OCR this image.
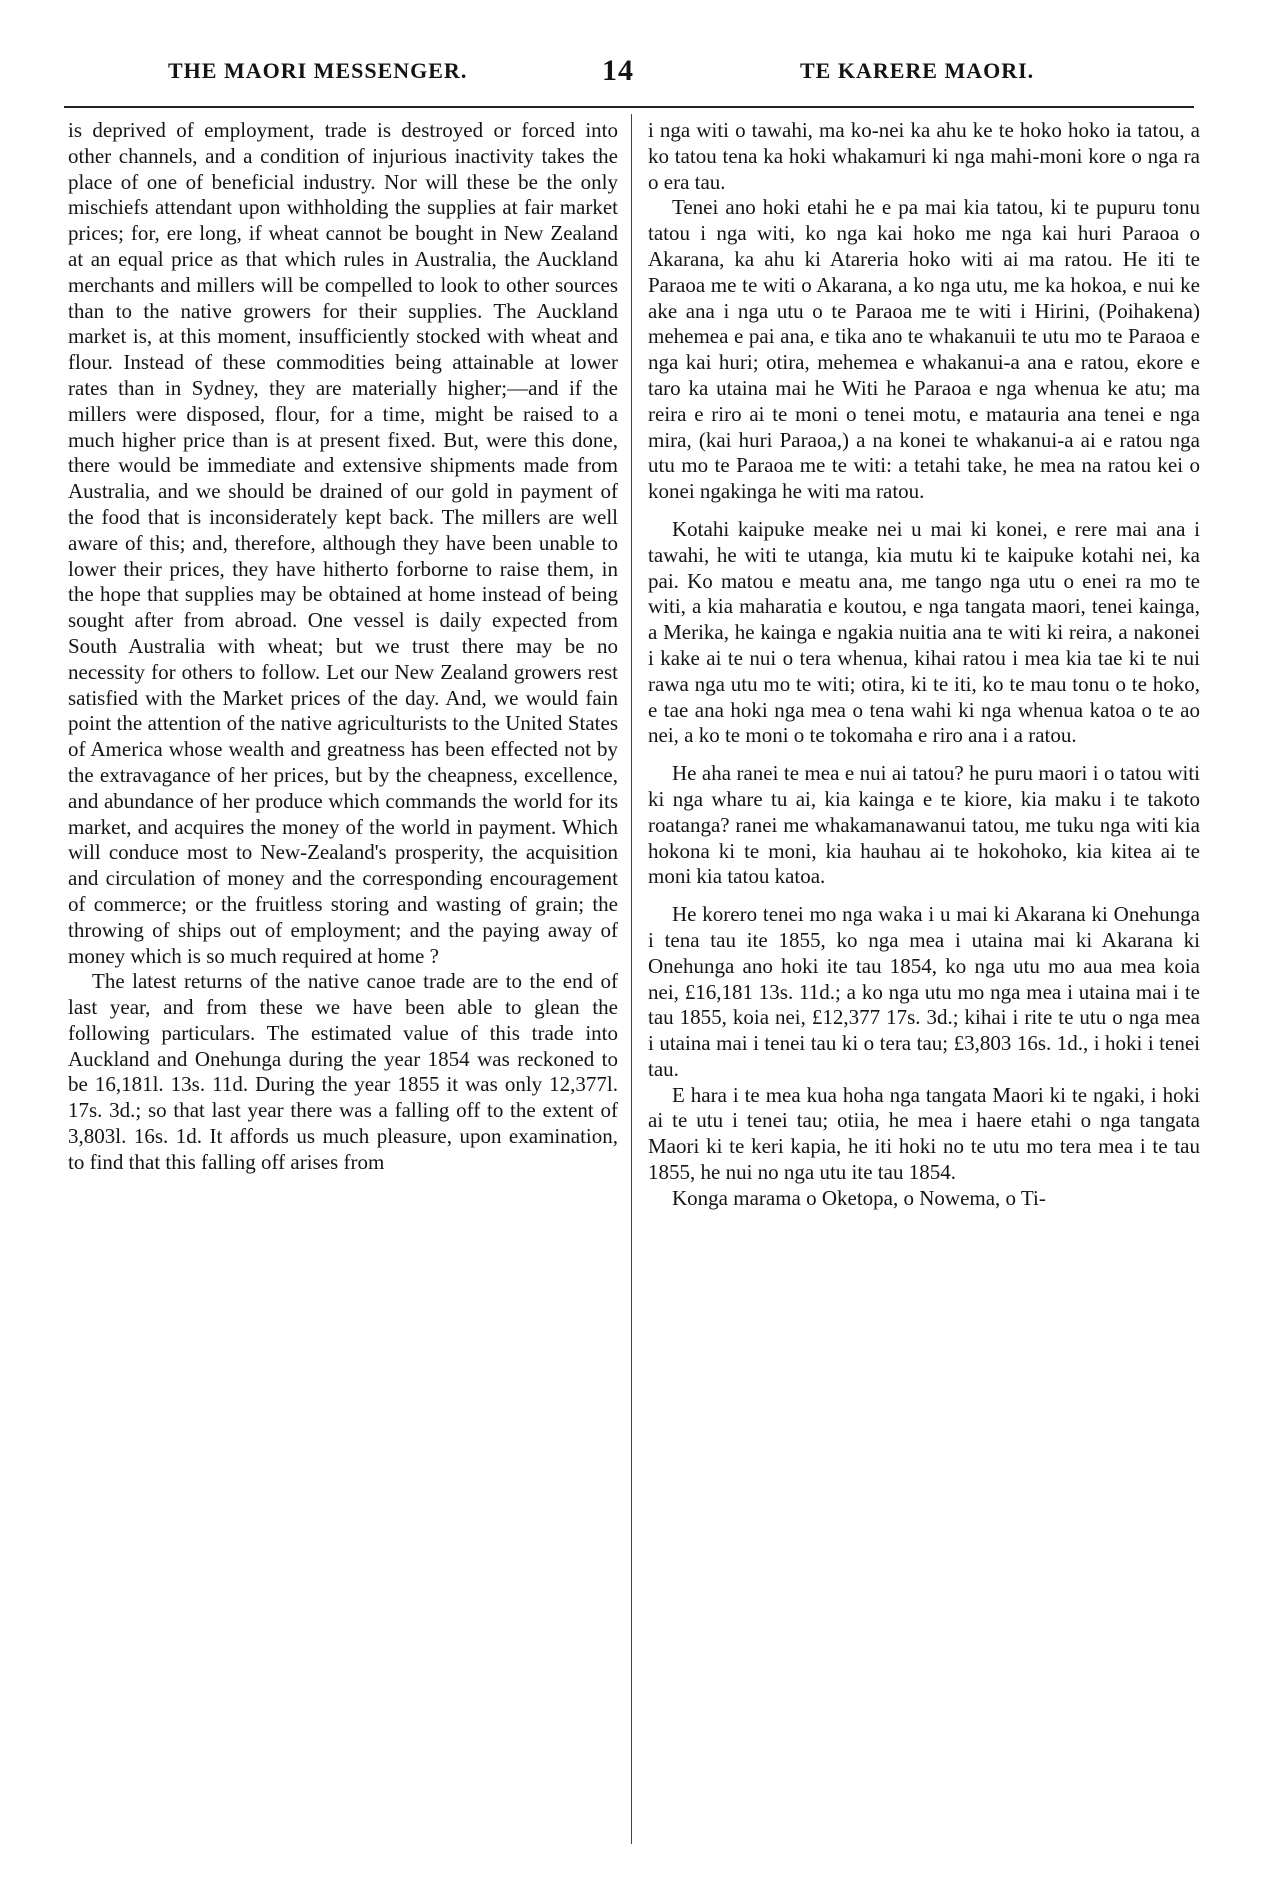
THE MAORI MESSENGER.	14	TE KARERE MAORI.

is deprived of employment, trade is destroyed or forced into other channels, and a condition of injurious inactivity takes the place of one of beneficial industry. Nor will these be the only mischiefs attendant upon withholding the supplies at fair market prices; for, ere long, if wheat cannot be bought in New Zealand at an equal price as that which rules in Australia, the Auckland merchants and millers will be compelled to look to other sources than to the native growers for their supplies. The Auckland market is, at this moment, insufficiently stocked with wheat and flour. Instead of these commodities being attainable at lower rates than in Sydney, they are materially higher;—and if the millers were disposed, flour, for a time, might be raised to a much higher price than is at present fixed. But, were this done, there would be immediate and extensive shipments made from Australia, and we should be drained of our gold in payment of the food that is inconsiderately kept back. The millers are well aware of this; and, therefore, although they have been unable to lower their prices, they have hitherto forborne to raise them, in the hope that supplies may be obtained at home instead of being sought after from abroad. One vessel is daily expected from South Australia with wheat; but we trust there may be no necessity for others to follow. Let our New Zealand growers rest satisfied with the Market prices of the day. And, we would fain point the attention of the native agriculturists to the United States of America whose wealth and greatness has been effected not by the extravagance of her prices, but by the cheapness, excellence, and abundance of her produce which commands the world for its market, and acquires the money of the world in payment. Which will conduce most to New-Zealand's prosperity, the acquisition and circulation of money and the corresponding encouragement of commerce; or the fruitless storing and wasting of grain; the throwing of ships out of employment; and the paying away of money which is so much required at home ?

The latest returns of the native canoe trade are to the end of last year, and from these we have been able to glean the following particulars. The estimated value of this trade into Auckland and Onehunga during the year 1854 was reckoned to be 16,181l. 13s. 11d. During the year 1855 it was only 12,377l. 17s. 3d.; so that last year there was a falling off to the extent of 3,803l. 16s. 1d. It affords us much pleasure, upon examination, to find that this falling off arises from

i nga witi o tawahi, ma ko-nei ka ahu ke te hoko hoko ia tatou, a ko tatou tena ka hoki whakamuri ki nga mahi-moni kore o nga ra o era tau.

Tenei ano hoki etahi he e pa mai kia tatou, ki te pupuru tonu tatou i nga witi, ko nga kai hoko me nga kai huri Paraoa o Akarana, ka ahu ki Atareria hoko witi ai ma ratou. He iti te Paraoa me te witi o Akarana, a ko nga utu, me ka hokoa, e nui ke ake ana i nga utu o te Paraoa me te witi i Hirini, (Poihakena) mehemea e pai ana, e tika ano te whakanuii te utu mo te Paraoa e nga kai huri; otira, mehemea e whakanui-a ana e ratou, ekore e taro ka utaina mai he Witi he Paraoa e nga whenua ke atu; ma reira e riro ai te moni o tenei motu, e matauria ana tenei e nga mira, (kai huri Paraoa,) a na konei te whakanui-a ai e ratou nga utu mo te Paraoa me te witi: a tetahi take, he mea na ratou kei o konei ngakinga he witi ma ratou.

Kotahi kaipuke meake nei u mai ki konei, e rere mai ana i tawahi, he witi te utanga, kia mutu ki te kaipuke kotahi nei, ka pai. Ko matou e meatu ana, me tango nga utu o enei ra mo te witi, a kia maharatia e koutou, e nga tangata maori, tenei kainga, a Merika, he kainga e ngakia nuitia ana te witi ki reira, a nakonei i kake ai te nui o tera whenua, kihai ratou i mea kia tae ki te nui rawa nga utu mo te witi; otira, ki te iti, ko te mau tonu o te hoko, e tae ana hoki nga mea o tena wahi ki nga whenua katoa o te ao nei, a ko te moni o te tokomaha e riro ana i a ratou.

He aha ranei te mea e nui ai tatou? he puru maori i o tatou witi ki nga whare tu ai, kia kainga e te kiore, kia maku i te takoto roatanga? ranei me whakamanawanui tatou, me tuku nga witi kia hokona ki te moni, kia hauhau ai te hokohoko, kia kitea ai te moni kia tatou katoa.

He korero tenei mo nga waka i u mai ki Akarana ki Onehunga i tena tau ite 1855, ko nga mea i utaina mai ki Akarana ki Onehunga ano hoki ite tau 1854, ko nga utu mo aua mea koia nei, £16,181 13s. 11d.; a ko nga utu mo nga mea i utaina mai i te tau 1855, koia nei, £12,377 17s. 3d.; kihai i rite te utu o nga mea i utaina mai i tenei tau ki o tera tau; £3,803 16s. 1d., i hoki i tenei tau.

E hara i te mea kua hoha nga tangata Maori ki te ngaki, i hoki ai te utu i tenei tau; otiia, he mea i haere etahi o nga tangata Maori ki te keri kapia, he iti hoki no te utu mo tera mea i te tau 1855, he nui no nga utu ite tau 1854.

Konga marama o Oketopa, o Nowema, o Ti-
